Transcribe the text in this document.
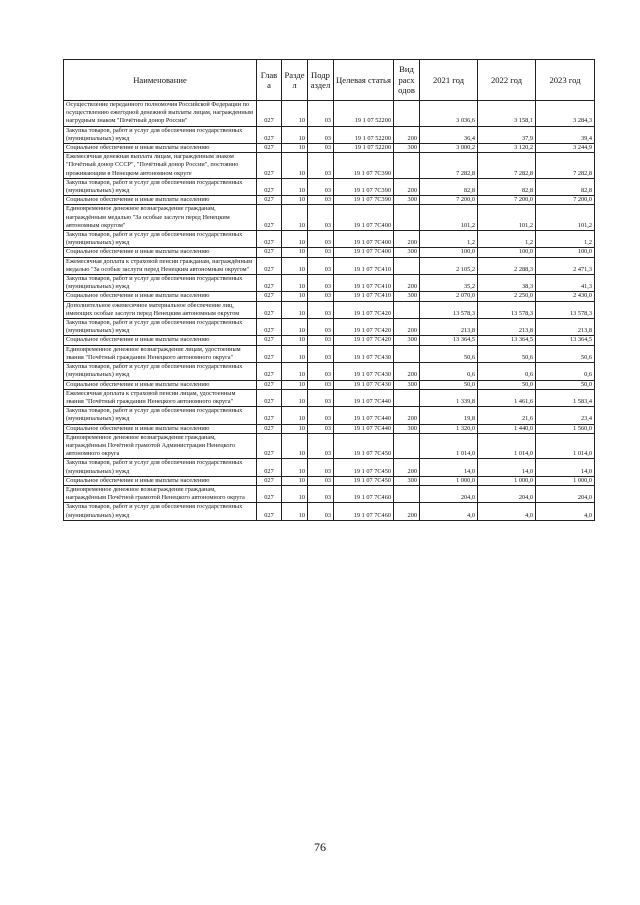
Наименование	Глав а	Разде л	Подр аздел	Целевая статья	Вид расх одов	2021 год	2022 год	2023 год
Осуществление переданного полномочия Российской Федерации по осуществлению ежегодной денежной выплаты лицам, награжденным нагрудным знаком "Почётный донор России"	027	10	03	19 1 07 52200		3 036,6	3 158,1	3 284,3
Закупка товаров, работ и услуг для обеспечения государственных (муниципальных) нужд	027	10	03	19 1 07 52200	200	36,4	37,9	39,4
Социальное обеспечение и иные выплаты населению	027	10	03	19 1 07 52200	300	3 000,2	3 120,2	3 244,9
Ежемесячная денежная выплата лицам, награжденным знаком "Почётный донор СССР", "Почётный донор России", постоянно проживающим в Ненецком автономном округе	027	10	03	19 1 07 7С390		7 282,8	7 282,8	7 282,8
Закупка товаров, работ и услуг для обеспечения государственных (муниципальных) нужд	027	10	03	19 1 07 7С390	200	82,8	82,8	82,8
Социальное обеспечение и иные выплаты населению	027	10	03	19 1 07 7С390	300	7 200,0	7 200,0	7 200,0
Единовременное денежное вознаграждение гражданам, награждённым медалью "За особые заслуги перед Ненецким автономным округом"	027	10	03	19 1 07 7С400		101,2	101,2	101,2
Закупка товаров, работ и услуг для обеспечения государственных (муниципальных) нужд	027	10	03	19 1 07 7С400	200	1,2	1,2	1,2
Социальное обеспечение и иные выплаты населению	027	10	03	19 1 07 7С400	300	100,0	100,0	100,0
Ежемесячная доплата к страховой пенсии гражданам, награждённым медалью "За особые заслуги перед Ненецким автономным округом"	027	10	03	19 1 07 7С410		2 105,2	2 288,3	2 471,3
Закупка товаров, работ и услуг для обеспечения государственных (муниципальных) нужд	027	10	03	19 1 07 7С410	200	35,2	38,3	41,3
Социальное обеспечение и иные выплаты населению	027	10	03	19 1 07 7С410	300	2 070,0	2 250,0	2 430,0
Дополнительное ежемесячное материальное обеспечение лиц, имеющих особые заслуги перед Ненецким автономным округом	027	10	03	19 1 07 7С420		13 578,3	13 578,3	13 578,3
Закупка товаров, работ и услуг для обеспечения государственных (муниципальных) нужд	027	10	03	19 1 07 7С420	200	213,8	213,8	213,8
Социальное обеспечение и иные выплаты населению	027	10	03	19 1 07 7С420	300	13 364,5	13 364,5	13 364,5
Единовременное денежное вознаграждение лицам, удостоенным звания "Почётный гражданин Ненецкого автономного округа"	027	10	03	19 1 07 7С430		50,6	50,6	50,6
Закупка товаров, работ и услуг для обеспечения государственных (муниципальных) нужд	027	10	03	19 1 07 7С430	200	0,6	0,6	0,6
Социальное обеспечение и иные выплаты населению	027	10	03	19 1 07 7С430	300	50,0	50,0	50,0
Ежемесячная доплата к страховой пенсии лицам, удостоенным звания "Почётный гражданин Ненецкого автономного округа"	027	10	03	19 1 07 7С440		1 339,8	1 461,6	1 583,4
Закупка товаров, работ и услуг для обеспечения государственных (муниципальных) нужд	027	10	03	19 1 07 7С440	200	19,8	21,6	23,4
Социальное обеспечение и иные выплаты населению	027	10	03	19 1 07 7С440	300	1 320,0	1 440,0	1 560,0
Единовременное денежное вознаграждение гражданам, награждённым Почётной грамотой Администрации Ненецкого автономного округа	027	10	03	19 1 07 7С450		1 014,0	1 014,0	1 014,0
Закупка товаров, работ и услуг для обеспечения государственных (муниципальных) нужд	027	10	03	19 1 07 7С450	200	14,0	14,0	14,0
Социальное обеспечение и иные выплаты населению	027	10	03	19 1 07 7С450	300	1 000,0	1 000,0	1 000,0
Единовременное денежное вознаграждение гражданам, награждённым Почётной грамотой Ненецкого автономного округа	027	10	03	19 1 07 7С460		204,0	204,0	204,0
Закупка товаров, работ и услуг для обеспечения государственных (муниципальных) нужд	027	10	03	19 1 07 7С460	200	4,0	4,0	4,0
76
